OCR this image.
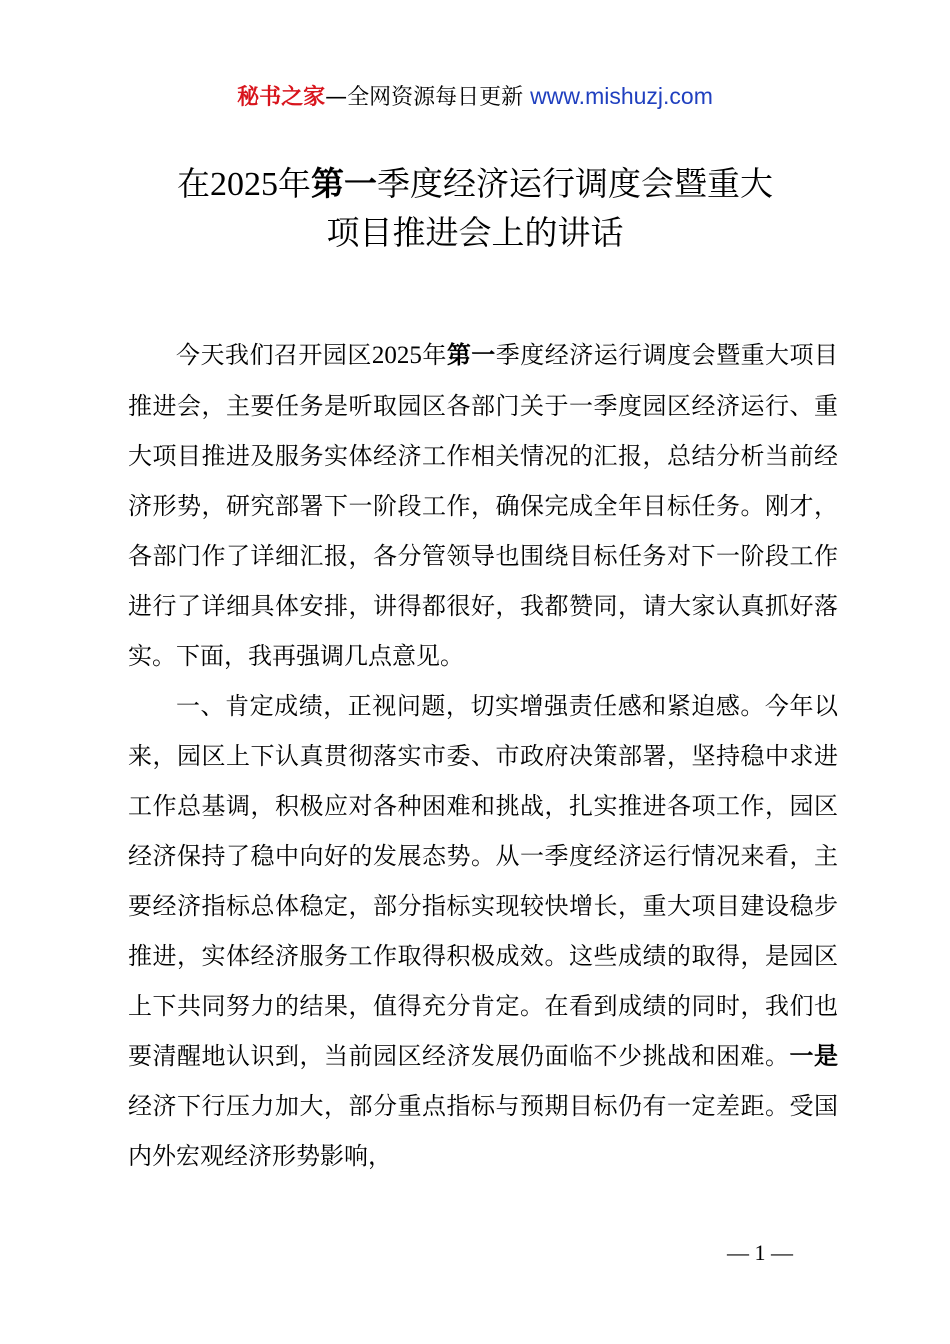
秘书之家—全网资源每日更新 www.mishuzj.com
在2025年第一季度经济运行调度会暨重大
项目推进会上的讲话

今天我们召开园区2025年第一季度经济运行调度会暨重大项目推进会，主要任务是听取园区各部门关于一季度园区经济运行、重大项目推进及服务实体经济工作相关情况的汇报，总结分析当前经济形势，研究部署下一阶段工作，确保完成全年目标任务。刚才，各部门作了详细汇报，各分管领导也围绕目标任务对下一阶段工作进行了详细具体安排，讲得都很好，我都赞同，请大家认真抓好落实。下面，我再强调几点意见。

一、肯定成绩，正视问题，切实增强责任感和紧迫感。今年以来，园区上下认真贯彻落实市委、市政府决策部署，坚持稳中求进工作总基调，积极应对各种困难和挑战，扎实推进各项工作，园区经济保持了稳中向好的发展态势。从一季度经济运行情况来看，主要经济指标总体稳定，部分指标实现较快增长，重大项目建设稳步推进，实体经济服务工作取得积极成效。这些成绩的取得，是园区上下共同努力的结果，值得充分肯定。在看到成绩的同时，我们也要清醒地认识到，当前园区经济发展仍面临不少挑战和困难。一是经济下行压力加大，部分重点指标与预期目标仍有一定差距。受国内外宏观经济形势影响，

— 1 —
